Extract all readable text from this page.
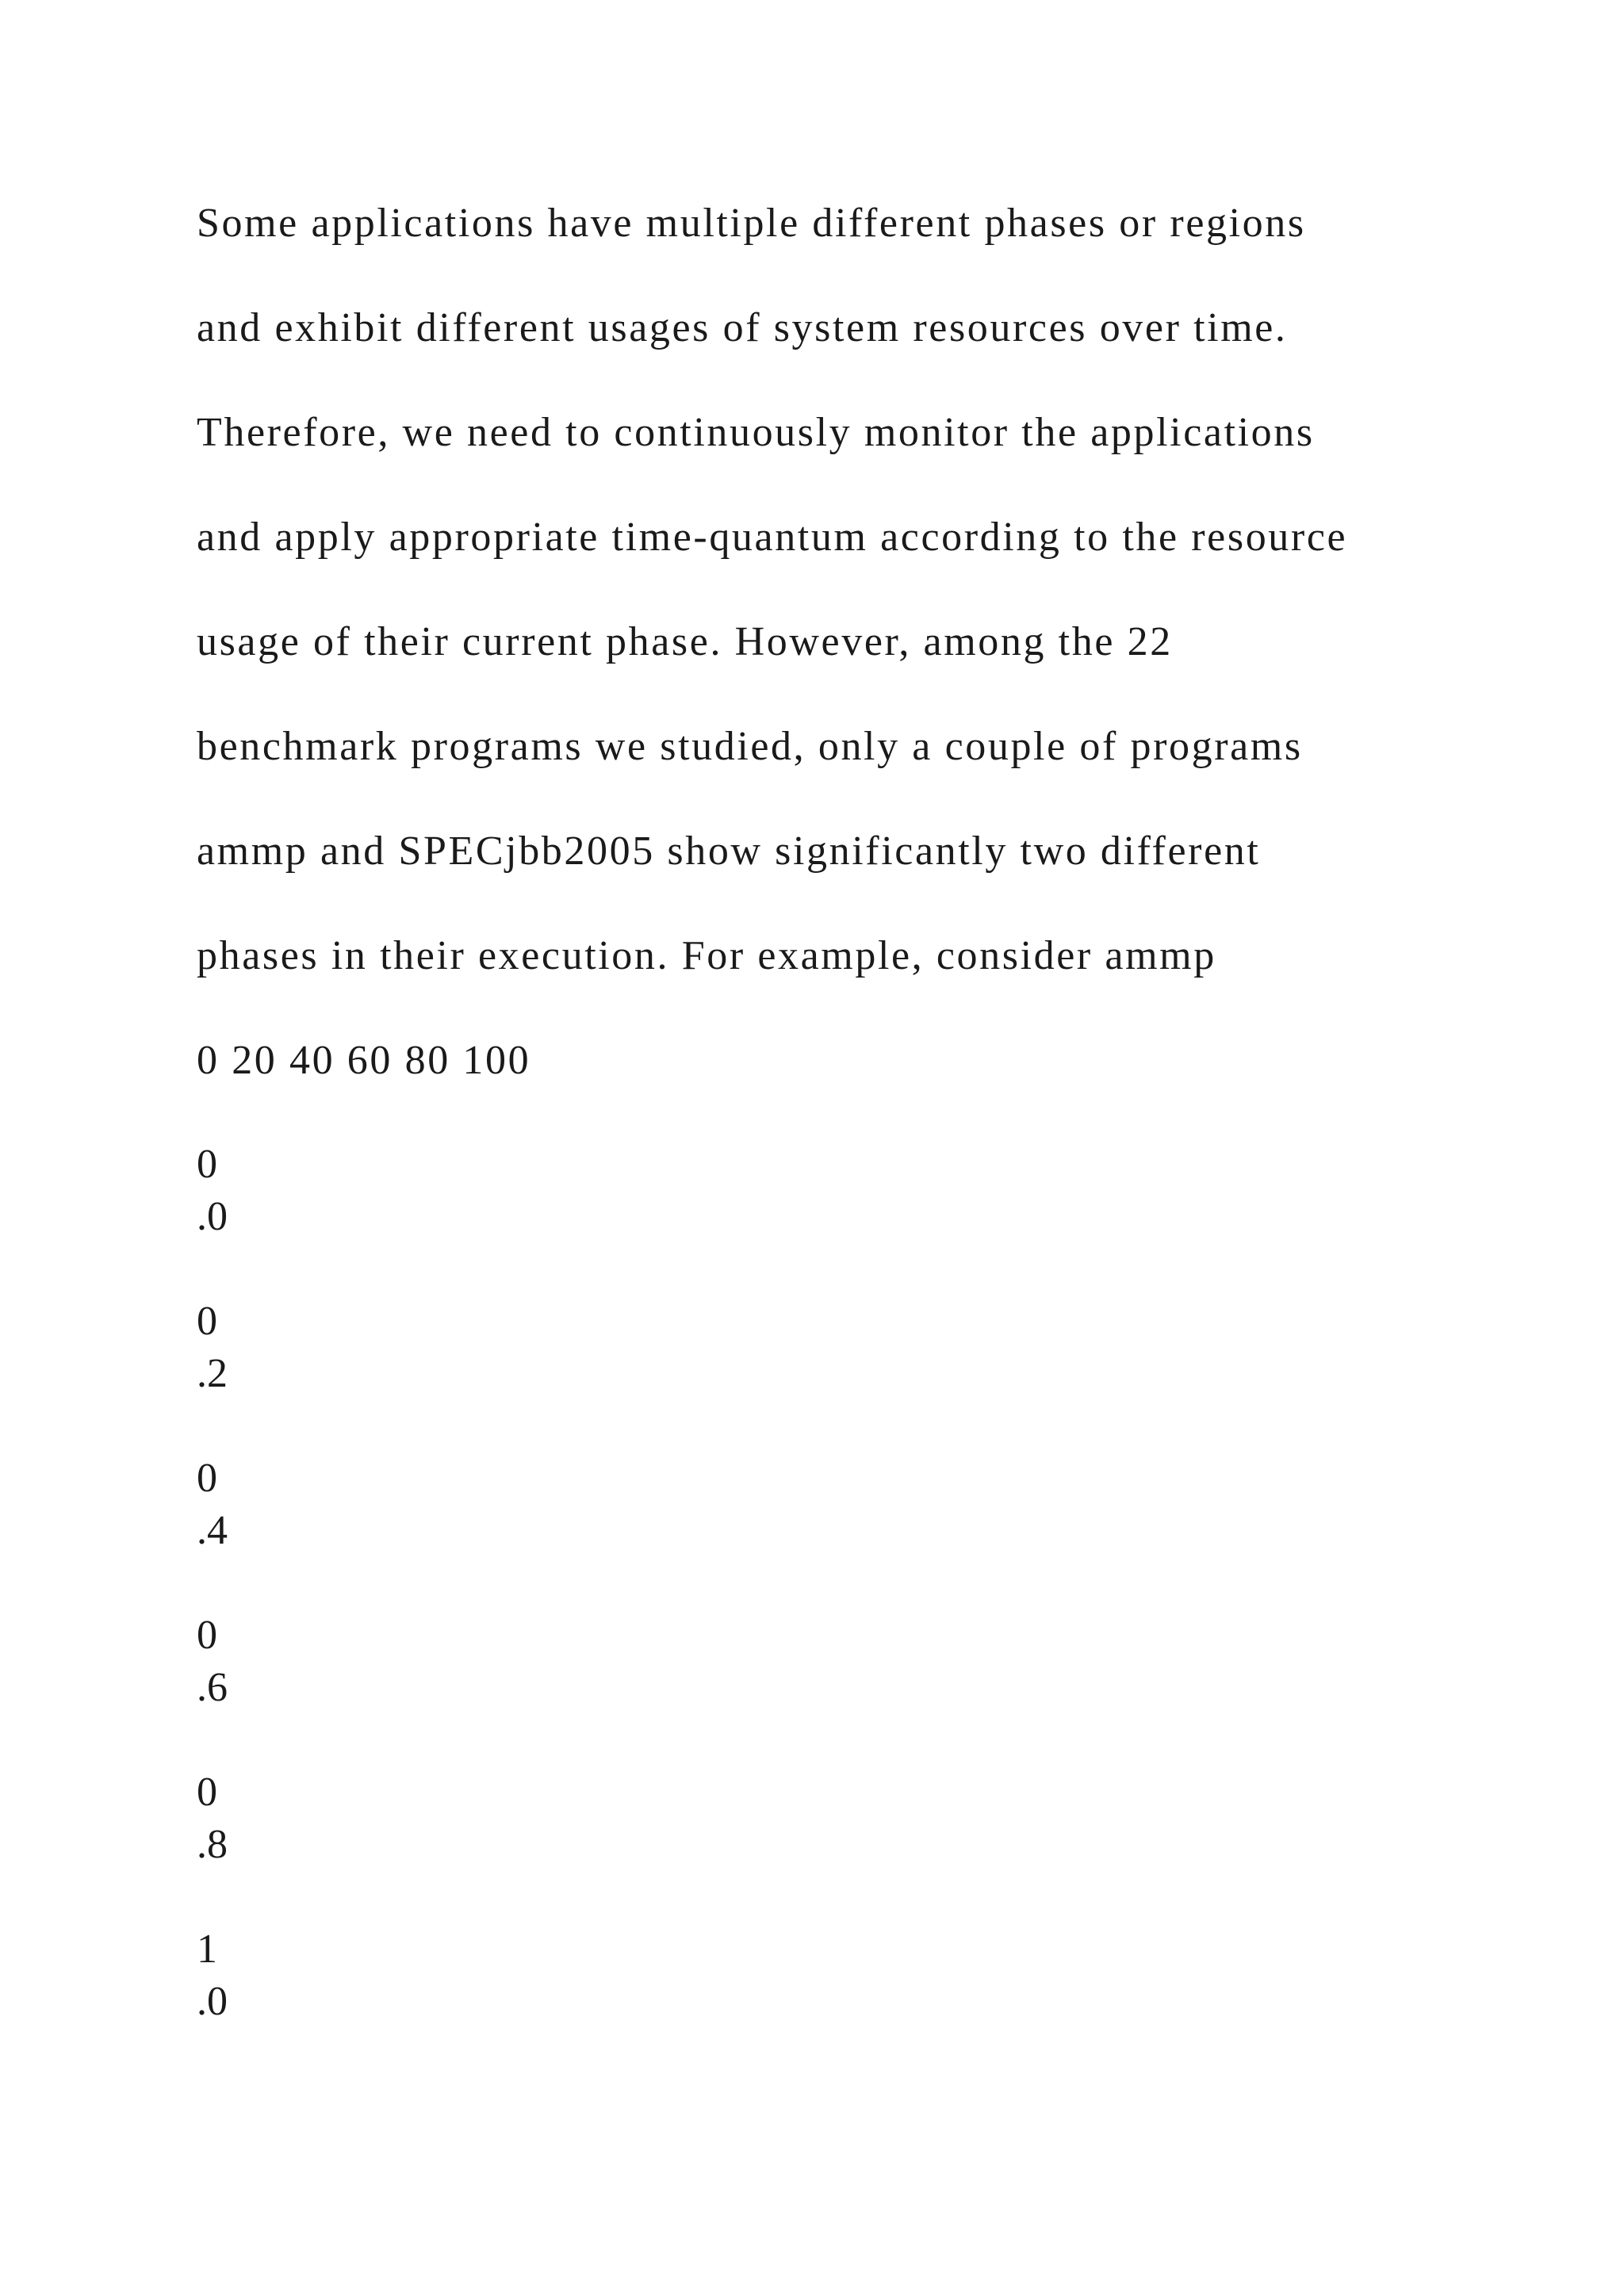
Some applications have multiple different phases or regions
and exhibit different usages of system resources over time.
Therefore, we need to continuously monitor the applications
and apply appropriate time-quantum according to the resource
usage of their current phase. However, among the 22
benchmark programs we studied, only a couple of programs
ammp and SPECjbb2005 show significantly two different
phases in their execution. For example, consider ammp
0 20 40 60 80 100
0
.0
0
.2
0
.4
0
.6
0
.8
1
.0
